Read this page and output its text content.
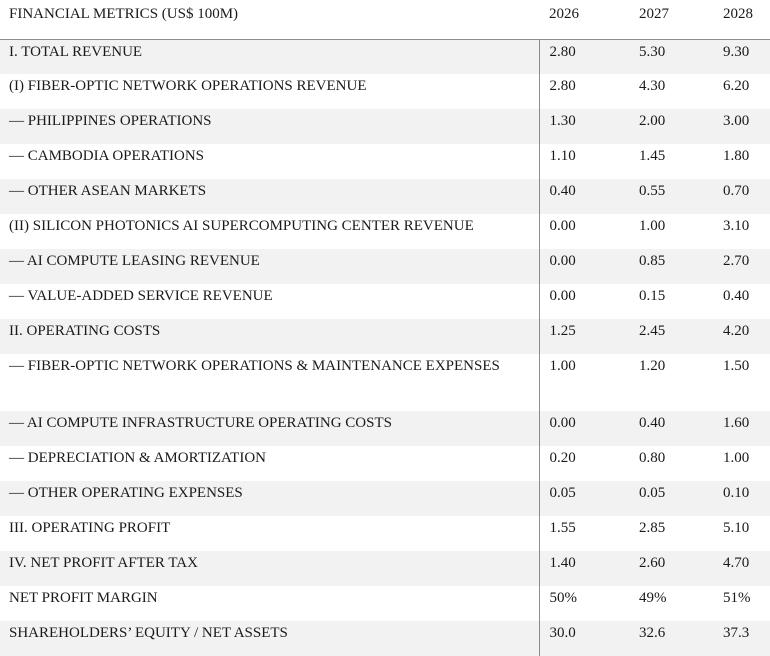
FINANCIAL METRICS (US$ 100M)	2026	2027	2028
I. TOTAL REVENUE	2.80	5.30	9.30
(I) FIBER-OPTIC NETWORK OPERATIONS REVENUE	2.80	4.30	6.20
— PHILIPPINES OPERATIONS	1.30	2.00	3.00
— CAMBODIA OPERATIONS	1.10	1.45	1.80
— OTHER ASEAN MARKETS	0.40	0.55	0.70
(II) SILICON PHOTONICS AI SUPERCOMPUTING CENTER REVENUE	0.00	1.00	3.10
— AI COMPUTE LEASING REVENUE	0.00	0.85	2.70
— VALUE-ADDED SERVICE REVENUE	0.00	0.15	0.40
II. OPERATING COSTS	1.25	2.45	4.20
— FIBER-OPTIC NETWORK OPERATIONS & MAINTENANCE EXPENSES	1.00	1.20	1.50
— AI COMPUTE INFRASTRUCTURE OPERATING COSTS	0.00	0.40	1.60
— DEPRECIATION & AMORTIZATION	0.20	0.80	1.00
— OTHER OPERATING EXPENSES	0.05	0.05	0.10
III. OPERATING PROFIT	1.55	2.85	5.10
IV. NET PROFIT AFTER TAX	1.40	2.60	4.70
NET PROFIT MARGIN	50%	49%	51%
SHAREHOLDERS’ EQUITY / NET ASSETS	30.0	32.6	37.3
